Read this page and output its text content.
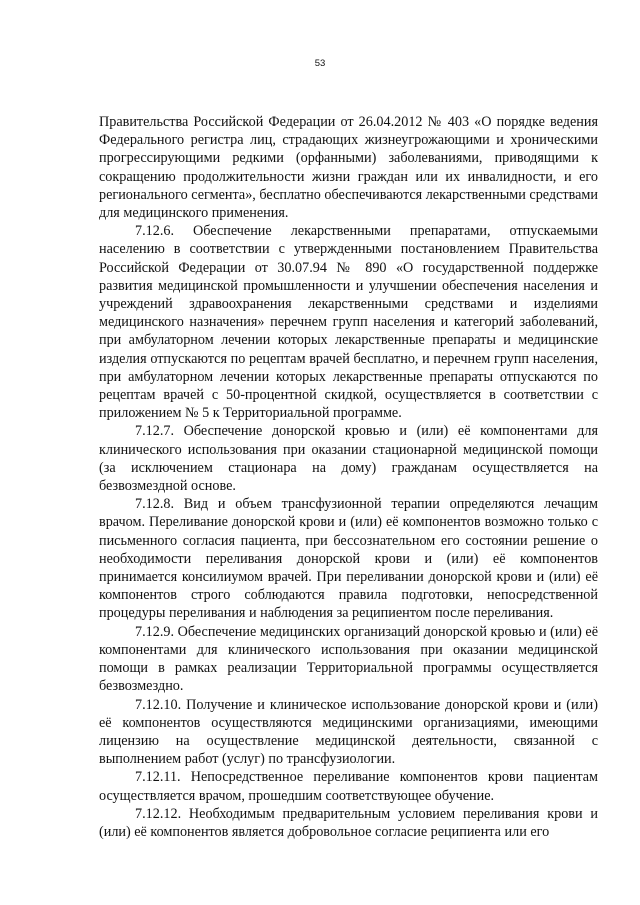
53

Правительства Российской Федерации от 26.04.2012 № 403 «О порядке ведения Федерального регистра лиц, страдающих жизнеугрожающими и хроническими прогрессирующими редкими (орфанными) заболеваниями, приводящими к сокращению продолжительности жизни граждан или их инвалидности, и его регионального сегмента», бесплатно обеспечиваются лекарственными средствами для медицинского применения.

7.12.6. Обеспечение лекарственными препаратами, отпускаемыми населению в соответствии с утвержденными постановлением Правительства Российской Федерации от 30.07.94 № 890 «О государственной поддержке развития медицинской промышленности и улучшении обеспечения населения и учреждений здравоохранения лекарственными средствами и изделиями медицинского назначения» перечнем групп населения и категорий заболеваний, при амбулаторном лечении которых лекарственные препараты и медицинские изделия отпускаются по рецептам врачей бесплатно, и перечнем групп населения, при амбулаторном лечении которых лекарственные препараты отпускаются по рецептам врачей с 50-процентной скидкой, осуществляется в соответствии с приложением № 5 к Территориальной программе.

7.12.7. Обеспечение донорской кровью и (или) её компонентами для клинического использования при оказании стационарной медицинской помощи (за исключением стационара на дому) гражданам осуществляется на безвозмездной основе.

7.12.8. Вид и объем трансфузионной терапии определяются лечащим врачом. Переливание донорской крови и (или) её компонентов возможно только с письменного согласия пациента, при бессознательном его состоянии решение о необходимости переливания донорской крови и (или) её компонентов принимается консилиумом врачей. При переливании донорской крови и (или) её компонентов строго соблюдаются правила подготовки, непосредственной процедуры переливания и наблюдения за реципиентом после переливания.

7.12.9. Обеспечение медицинских организаций донорской кровью и (или) её компонентами для клинического использования при оказании медицинской помощи в рамках реализации Территориальной программы осуществляется безвозмездно.

7.12.10. Получение и клиническое использование донорской крови и (или) её компонентов осуществляются медицинскими организациями, имеющими лицензию на осуществление медицинской деятельности, связанной с выполнением работ (услуг) по трансфузиологии.

7.12.11. Непосредственное переливание компонентов крови пациентам осуществляется врачом, прошедшим соответствующее обучение.

7.12.12. Необходимым предварительным условием переливания крови и (или) её компонентов является добровольное согласие реципиента или его
